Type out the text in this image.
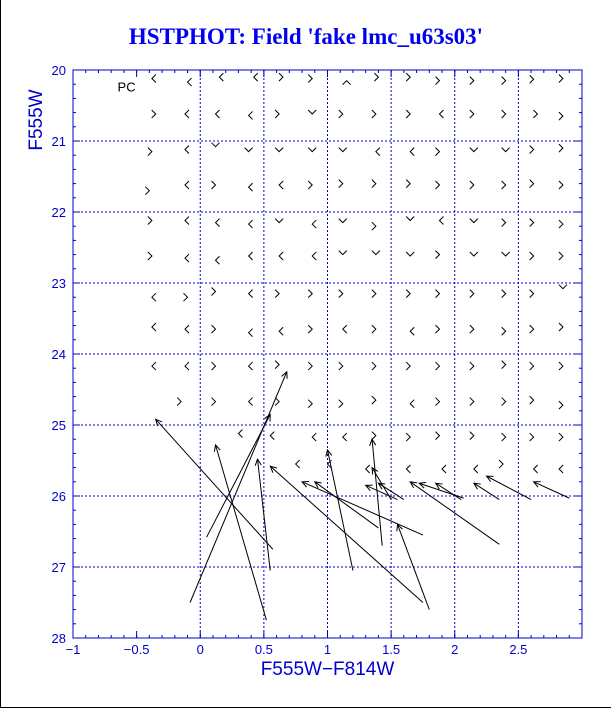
HSTPHOT: Field 'fake lmc_u63s03'
−1	−0.5	0	0.5	1	1.5	2	2.5
20
21
22
23
24
25
26
27
28
F555W−F814W
F555W
PC
